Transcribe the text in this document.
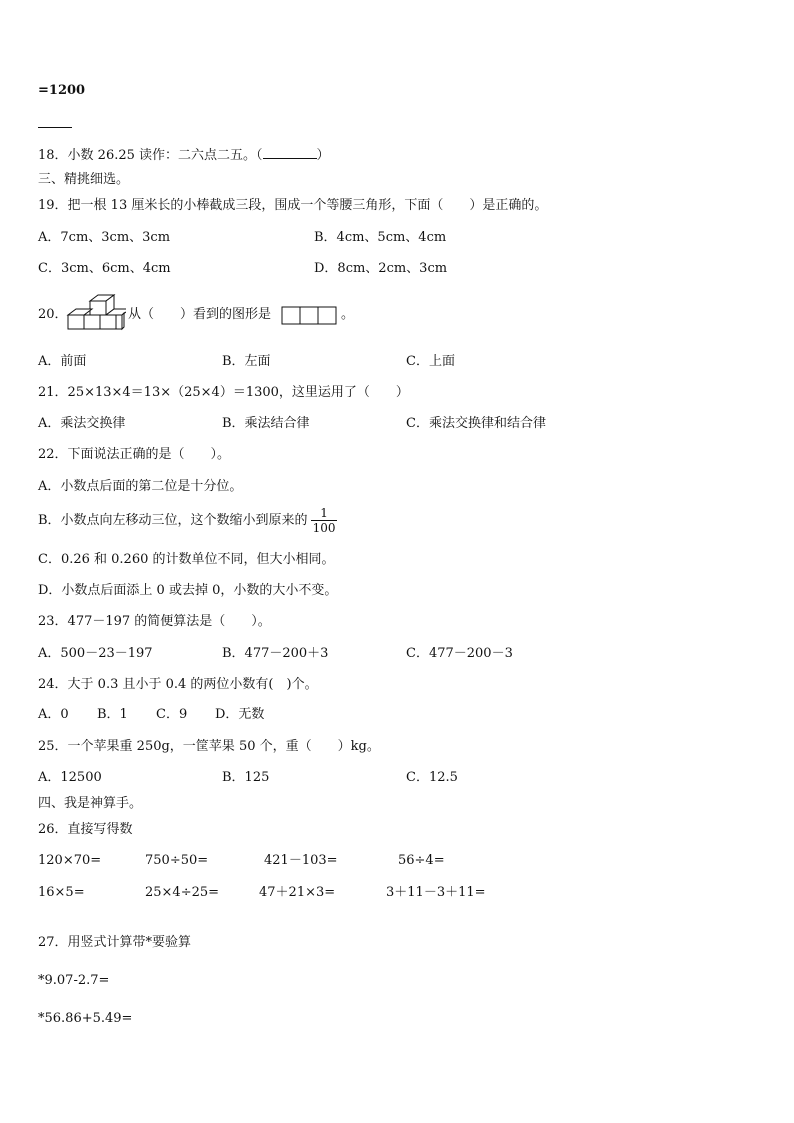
=1200
18．小数 26.25 读作：二六点二五。（	）
三、精挑细选。
19．把一根 13 厘米长的小棒截成三段，围成一个等腰三角形，下面（　　）是正确的。
A．7cm、3cm、3cm	B．4cm、5cm、4cm
C．3cm、6cm、4cm	D．8cm、2cm、3cm
20．	从（　　）看到的图形是	。
A．前面	B．左面	C．上面
21．25×13×4＝13×（25×4）＝1300，这里运用了（　　）
A．乘法交换律	B．乘法结合律	C．乘法交换律和结合律
22．下面说法正确的是（　　）。
A．小数点后面的第二位是十分位。
B．小数点向左移动三位，这个数缩小到原来的 $\frac{1}{100}$
C．0.26 和 0.260 的计数单位不同，但大小相同。
D．小数点后面添上 0 或去掉 0，小数的大小不变。
23．477－197 的简便算法是（　　）。
A．500－23－197	B．477－200＋3	C．477－200－3
24．大于 0.3 且小于 0.4 的两位小数有(　)个。
A．0 B．1 C．9 D．无数
25．一个苹果重 250g，一筐苹果 50 个，重（　　）kg。
A．12500	B．125	C．12.5
四、我是神算手。
26．直接写得数
120×70=	750÷50=	421－103=	56÷4=
16×5=	25×4÷25=	47＋21×3=	3＋11－3＋11=
27．用竖式计算带*要验算
*9.07-2.7=
*56.86+5.49=
